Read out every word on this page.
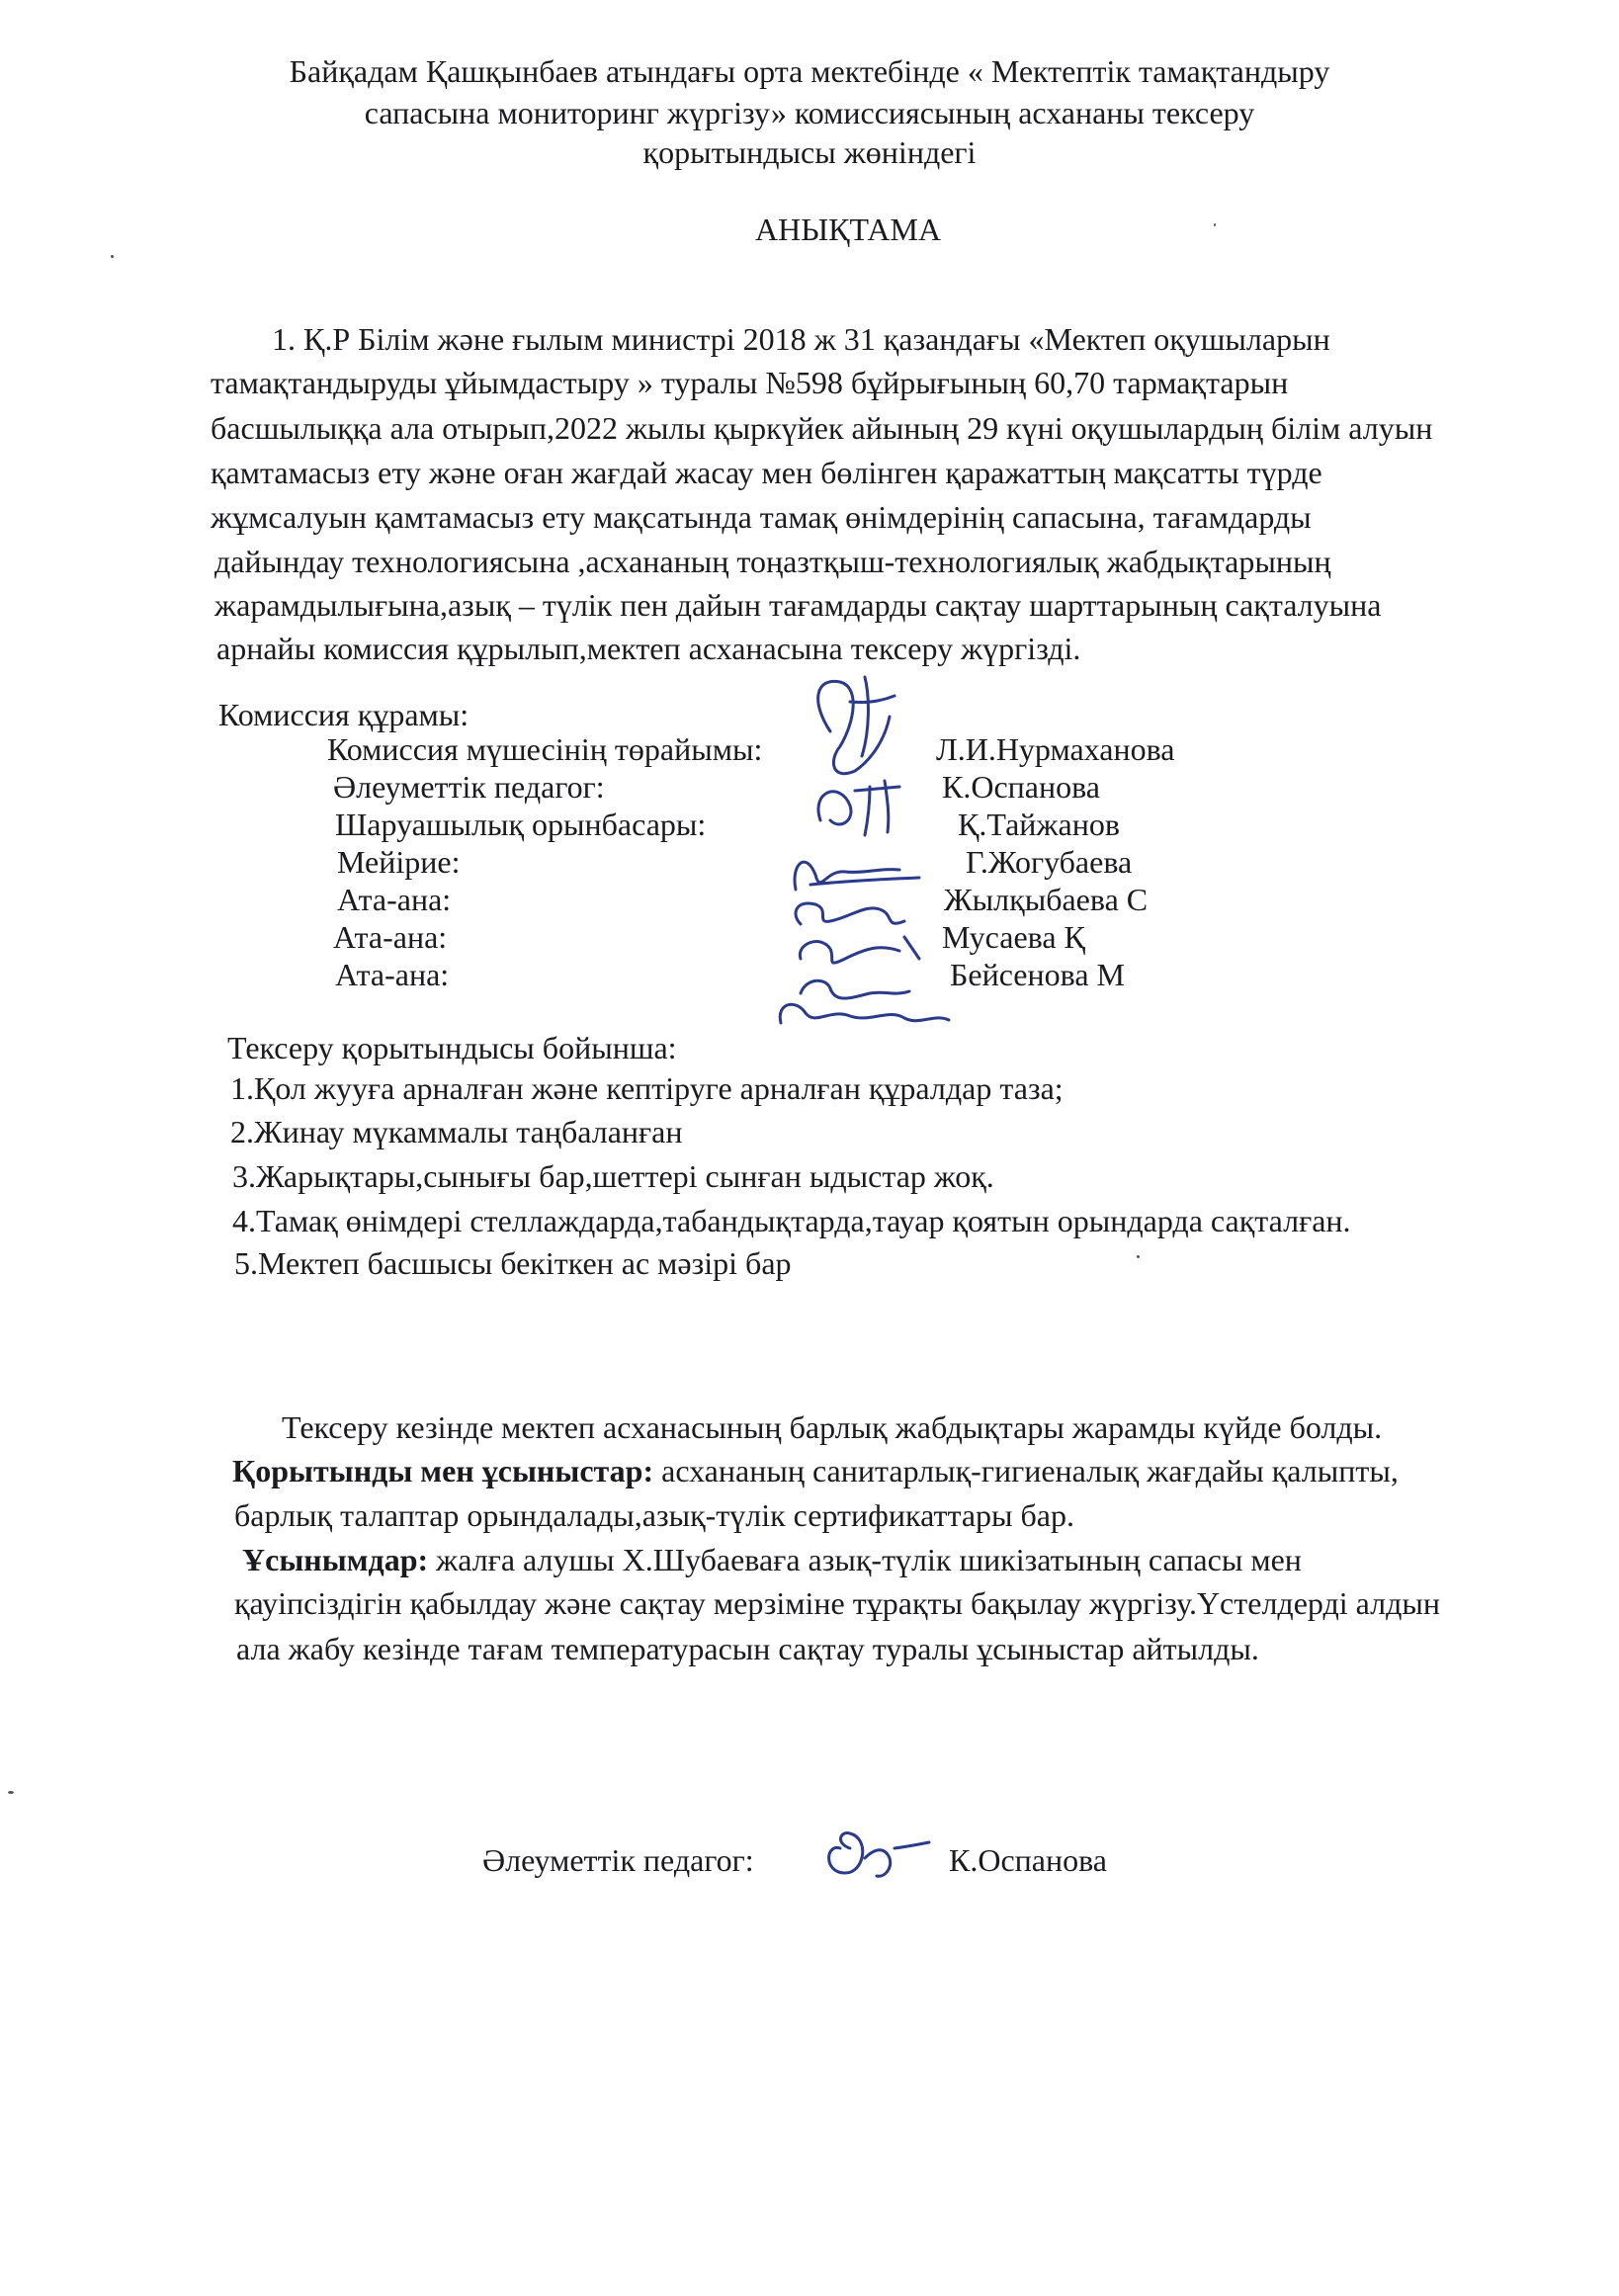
Байқадам Қашқынбаев атындағы орта мектебінде « Мектептік тамақтандыру
сапасына мониторинг жүргізу» комиссиясының асхананы тексеру
қорытындысы жөніндегі
АНЫҚТАМА
1. Қ.Р Білім және ғылым министрі 2018 ж 31 қазандағы «Мектеп оқушыларын
тамақтандыруды ұйымдастыру » туралы №598 бұйрығының 60,70 тармақтарын
басшылыққа ала отырып,2022 жылы қыркүйек айының 29 күні оқушылардың білім алуын
қамтамасыз ету және оған жағдай жасау мен бөлінген қаражаттың мақсатты түрде
жұмсалуын қамтамасыз ету мақсатында тамақ өнімдерінің сапасына, тағамдарды
дайындау технологиясына ,асхананың тоңазтқыш-технологиялық жабдықтарының
жарамдылығына,азық – түлік пен дайын тағамдарды сақтау шарттарының сақталуына
арнайы комиссия құрылып,мектеп асханасына тексеру жүргізді.
Комиссия құрамы:
Комиссия мүшесінің төрайымы:	Л.И.Нурмаханова
Әлеуметтік педагог:	К.Оспанова
Шаруашылық орынбасары:	Қ.Тайжанов
Мейірие:	Г.Жогубаева
Ата-ана:	Жылқыбаева С
Ата-ана:	Мусаева Қ
Ата-ана:	Бейсенова М
Тексеру қорытындысы бойынша:
1.Қол жууға арналған және кептіруге арналған құралдар таза;
2.Жинау мүкаммалы таңбаланған
3.Жарықтары,сынығы бар,шеттері сынған ыдыстар жоқ.
4.Тамақ өнімдері стеллаждарда,табандықтарда,тауар қоятын орындарда сақталған.
5.Мектеп басшысы бекіткен ас мәзірі бар
Тексеру кезінде мектеп асханасының барлық жабдықтары жарамды күйде болды.
Қорытынды мен ұсыныстар: асхананың санитарлық-гигиеналық жағдайы қалыпты,
барлық талаптар орындалады,азық-түлік сертификаттары бар.
Ұсынымдар: жалға алушы Х.Шубаеваға азық-түлік шикізатының сапасы мен
қауіпсіздігін қабылдау және сақтау мерзіміне тұрақты бақылау жүргізу.Үстелдерді алдын
ала жабу кезінде тағам температурасын сақтау туралы ұсыныстар айтылды.
Әлеуметтік педагог:	К.Оспанова
